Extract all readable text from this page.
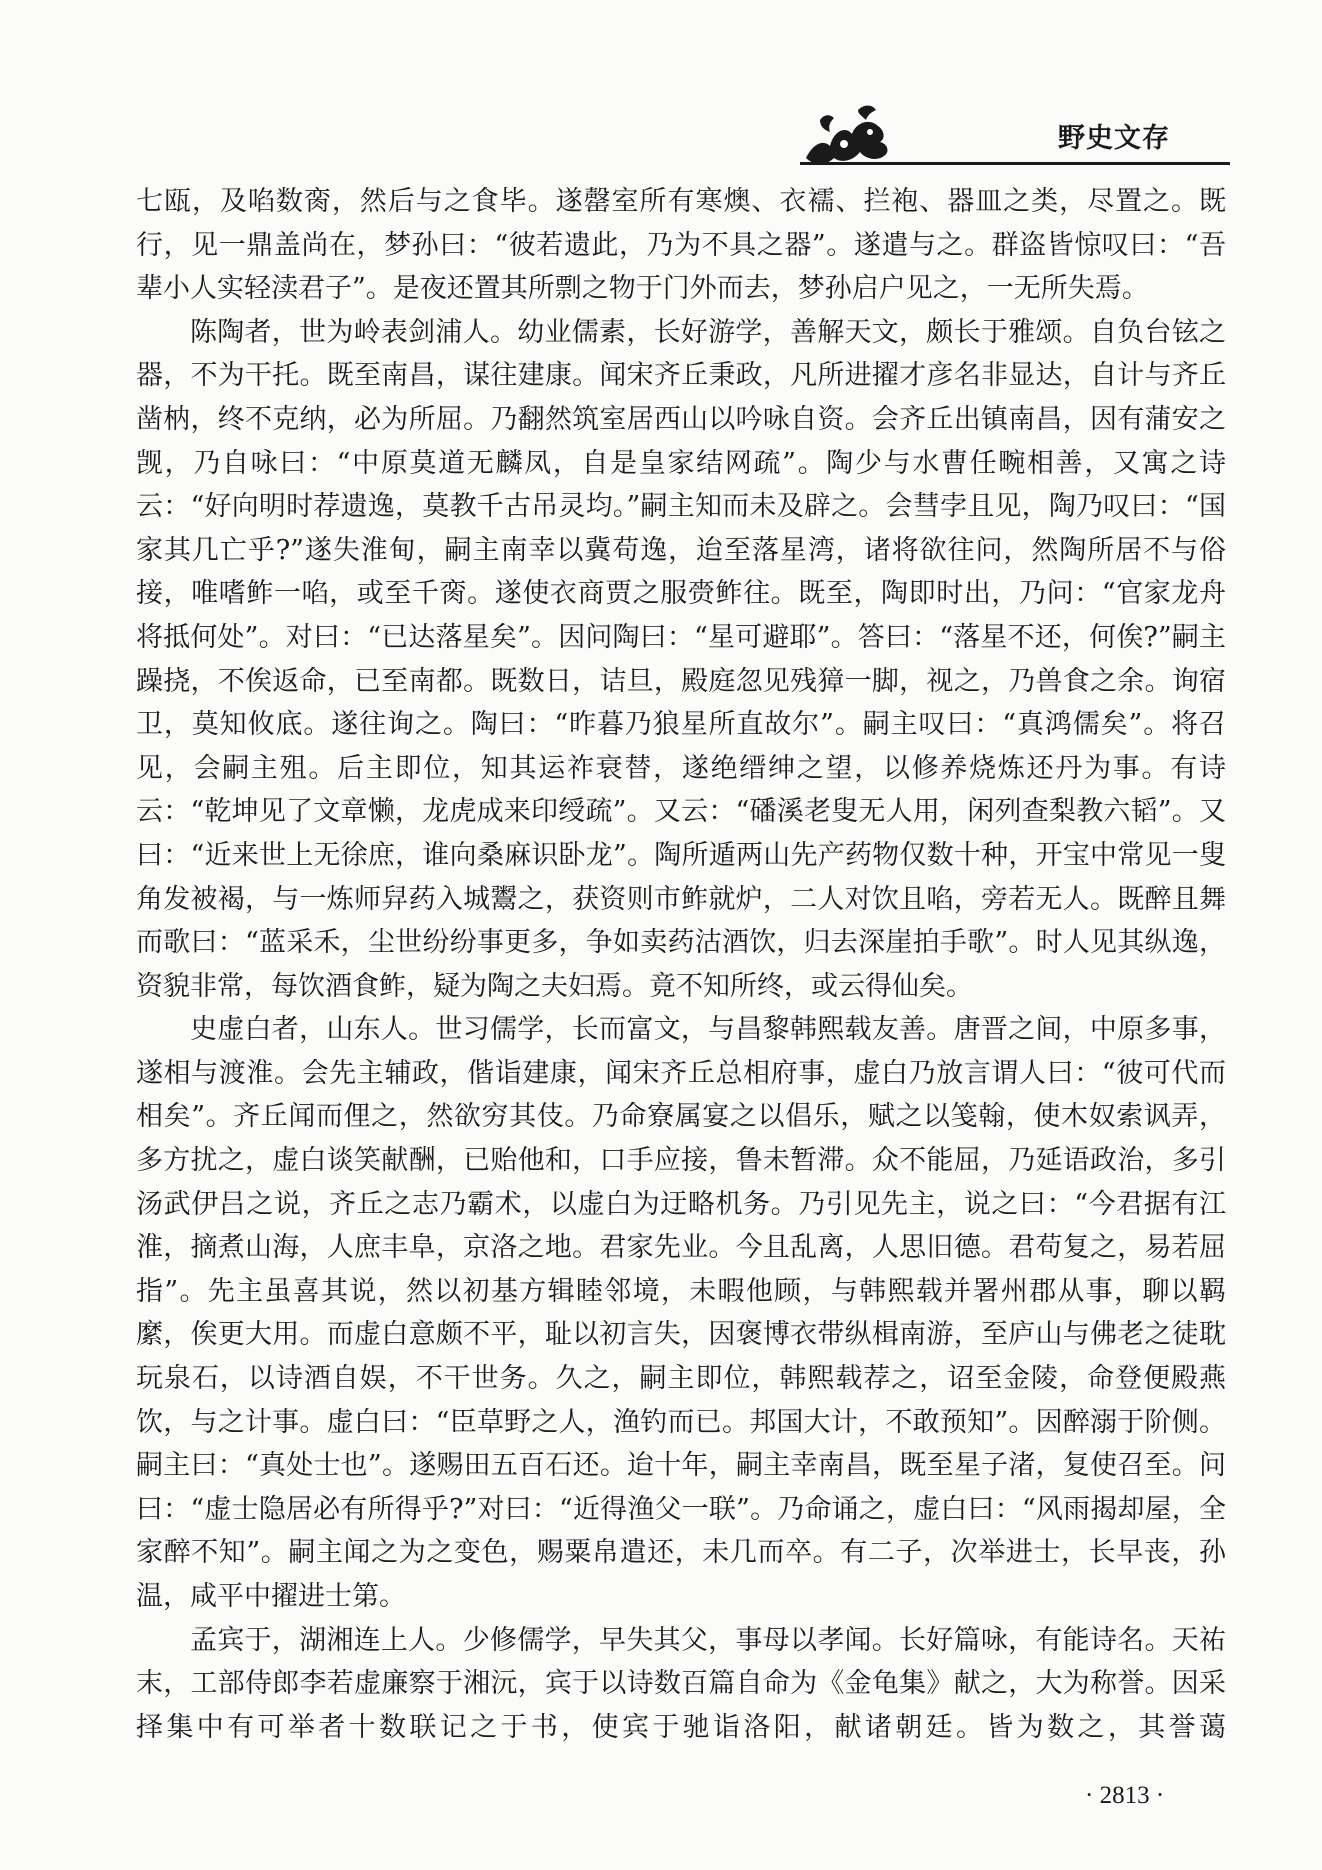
野史文存

七瓯，及啗数脔，然后与之食毕。遂罄室所有寒燠、衣襦、拦袍、器皿之类，尽置之。既行，见一鼎盖尚在，梦孙曰：“彼若遗此，乃为不具之器”。遂遣与之。群盗皆惊叹曰：“吾辈小人实轻渎君子”。是夜还置其所剽之物于门外而去，梦孙启户见之，一无所失焉。

陈陶者，世为岭表剑浦人。幼业儒素，长好游学，善解天文，颇长于雅颂。自负台铉之器，不为干托。既至南昌，谋往建康。闻宋齐丘秉政，凡所进擢才彦名非显达，自计与齐丘凿枘，终不克纳，必为所屈。乃翻然筑室居西山以吟咏自资。会齐丘出镇南昌，因有蒲安之觊，乃自咏曰：“中原莫道无麟凤，自是皇家结网疏”。陶少与水曹任畹相善，又寓之诗云：“好向明时荐遗逸，莫教千古吊灵均。”嗣主知而未及辟之。会彗孛且见，陶乃叹曰：“国家其几亡乎?”遂失淮甸，嗣主南幸以冀苟逸，迨至落星湾，诸将欲往问，然陶所居不与俗接，唯嗜鲊一啗，或至千脔。遂使衣商贾之服赍鲊往。既至，陶即时出，乃问：“官家龙舟将抵何处”。对曰：“已达落星矣”。因问陶曰：“星可避耶”。答曰：“落星不还，何俟?”嗣主躁挠，不俟返命，已至南都。既数日，诘旦，殿庭忽见残獐一脚，视之，乃兽食之余。询宿卫，莫知攸底。遂往询之。陶曰：“昨暮乃狼星所直故尔”。嗣主叹曰：“真鸿儒矣”。将召见，会嗣主殂。后主即位，知其运祚衰替，遂绝缙绅之望，以修养烧炼还丹为事。有诗云：“乾坤见了文章懒，龙虎成来印绶疏”。又云：“磻溪老叟无人用，闲列查梨教六韬”。又曰：“近来世上无徐庶，谁向桑麻识卧龙”。陶所遁两山先产药物仅数十种，开宝中常见一叟角发被褐，与一炼师舁药入城鬻之，获资则市鲊就炉，二人对饮且啗，旁若无人。既醉且舞而歌曰：“蓝采禾，尘世纷纷事更多，争如卖药沽酒饮，归去深崖拍手歌”。时人见其纵逸，资貌非常，每饮酒食鲊，疑为陶之夫妇焉。竟不知所终，或云得仙矣。

史虚白者，山东人。世习儒学，长而富文，与昌黎韩熙载友善。唐晋之间，中原多事，遂相与渡淮。会先主辅政，偕诣建康，闻宋齐丘总相府事，虚白乃放言谓人曰：“彼可代而相矣”。齐丘闻而俚之，然欲穷其伎。乃命寮属宴之以倡乐，赋之以笺翰，使木奴索讽弄，多方扰之，虚白谈笑献酬，已贻他和，口手应接，鲁未暂滞。众不能屈，乃延语政治，多引汤武伊吕之说，齐丘之志乃霸术，以虚白为迂略机务。乃引见先主，说之曰：“今君据有江淮，摘煮山海，人庶丰阜，京洛之地。君家先业。今且乱离，人思旧德。君苟复之，易若屈指”。先主虽喜其说，然以初基方辑睦邻境，未暇他顾，与韩熙载并署州郡从事，聊以羁縻，俟更大用。而虚白意颇不平，耻以初言失，因褒博衣带纵楫南游，至庐山与佛老之徒耽玩泉石，以诗酒自娱，不干世务。久之，嗣主即位，韩熙载荐之，诏至金陵，命登便殿燕饮，与之计事。虚白曰：“臣草野之人，渔钓而已。邦国大计，不敢预知”。因醉溺于阶侧。嗣主曰：“真处士也”。遂赐田五百石还。迨十年，嗣主幸南昌，既至星子渚，复使召至。问曰：“虚士隐居必有所得乎?”对曰：“近得渔父一联”。乃命诵之，虚白曰：“风雨揭却屋，全家醉不知”。嗣主闻之为之变色，赐粟帛遣还，未几而卒。有二子，次举进士，长早丧，孙温，咸平中擢进士第。

孟宾于，湖湘连上人。少修儒学，早失其父，事母以孝闻。长好篇咏，有能诗名。天祐末，工部侍郎李若虚廉察于湘沅，宾于以诗数百篇自命为《金龟集》献之，大为称誉。因采择集中有可举者十数联记之于书，使宾于驰诣洛阳，献诸朝廷。皆为数之，其誉蔼

· 2813 ·
